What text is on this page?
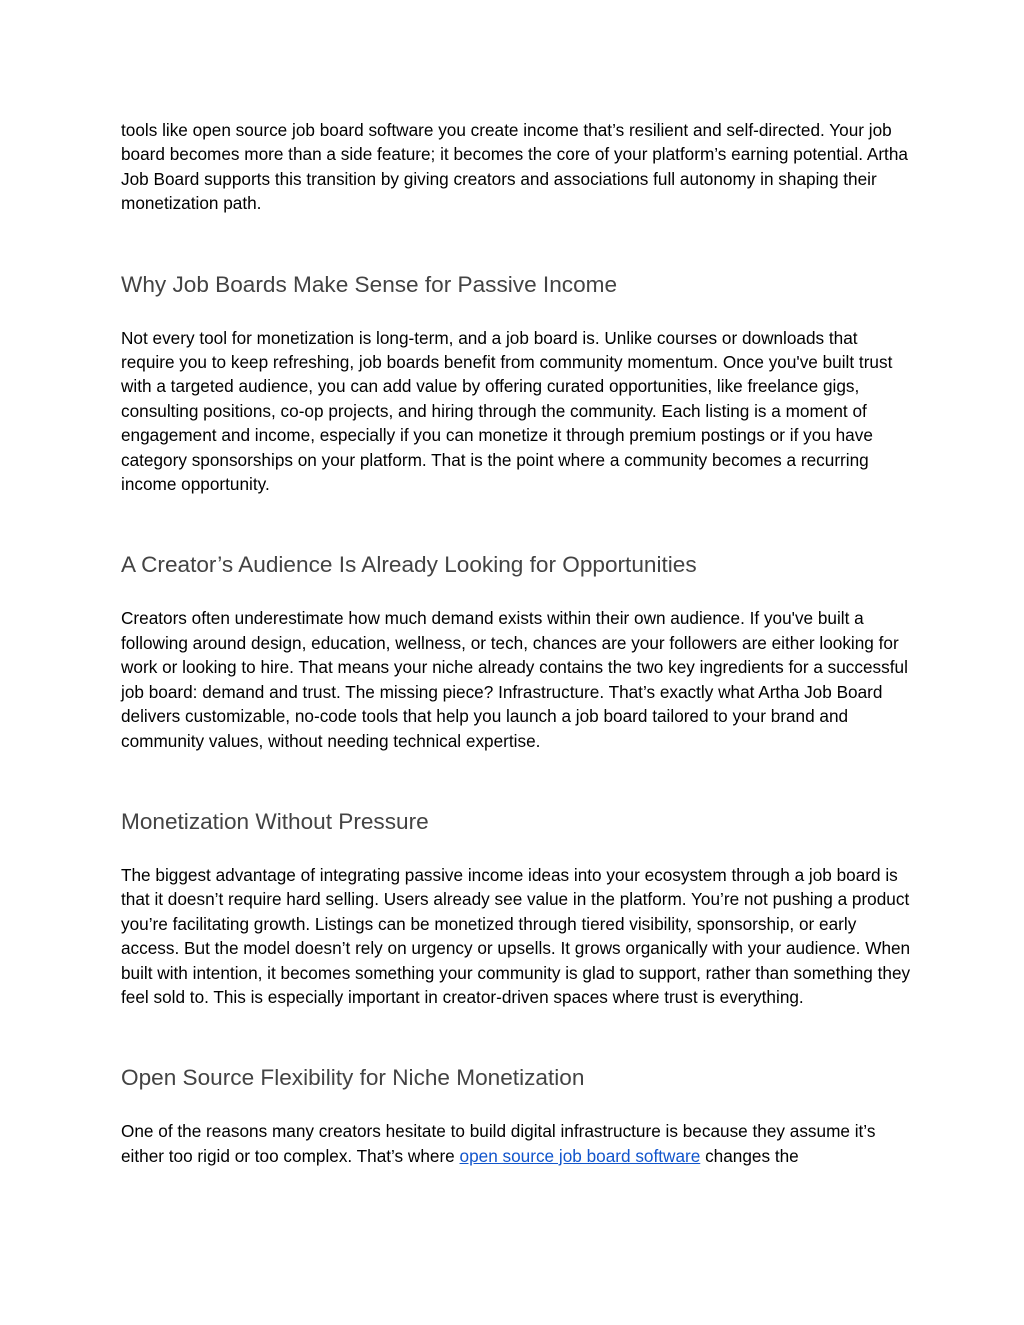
tools like open source job board software you create income that’s resilient and self-directed. Your job board becomes more than a side feature; it becomes the core of your platform’s earning potential. Artha Job Board supports this transition by giving creators and associations full autonomy in shaping their monetization path.

Why Job Boards Make Sense for Passive Income

Not every tool for monetization is long-term, and a job board is. Unlike courses or downloads that require you to keep refreshing, job boards benefit from community momentum. Once you've built trust with a targeted audience, you can add value by offering curated opportunities, like freelance gigs, consulting positions, co-op projects, and hiring through the community. Each listing is a moment of engagement and income, especially if you can monetize it through premium postings or if you have category sponsorships on your platform. That is the point where a community becomes a recurring income opportunity.

A Creator’s Audience Is Already Looking for Opportunities

Creators often underestimate how much demand exists within their own audience. If you've built a following around design, education, wellness, or tech, chances are your followers are either looking for work or looking to hire. That means your niche already contains the two key ingredients for a successful job board: demand and trust. The missing piece? Infrastructure. That’s exactly what Artha Job Board delivers customizable, no-code tools that help you launch a job board tailored to your brand and community values, without needing technical expertise.

Monetization Without Pressure

The biggest advantage of integrating passive income ideas into your ecosystem through a job board is that it doesn’t require hard selling. Users already see value in the platform. You’re not pushing a product you’re facilitating growth. Listings can be monetized through tiered visibility, sponsorship, or early access. But the model doesn’t rely on urgency or upsells. It grows organically with your audience. When built with intention, it becomes something your community is glad to support, rather than something they feel sold to. This is especially important in creator-driven spaces where trust is everything.

Open Source Flexibility for Niche Monetization

One of the reasons many creators hesitate to build digital infrastructure is because they assume it’s either too rigid or too complex. That’s where open source job board software changes the
